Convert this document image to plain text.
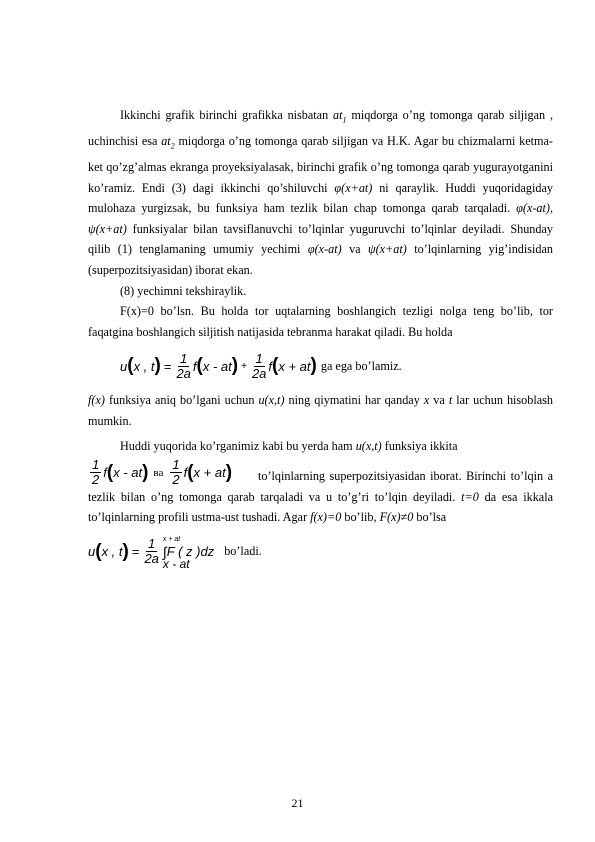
Ikkinchi grafik birinchi grafikka nisbatan $at_1$ miqdorga o’ng tomonga qarab siljigan , uchinchisi esa $at_2$ miqdorga o’ng tomonga qarab siljigan va H.K. Agar bu chizmalarni ketma-ket qo’zg’almas ekranga proyeksiyalasak, birinchi grafik o’ng tomonga qarab yugurayotganini ko’ramiz. Endi (3) dagi ikkinchi qo’shiluvchi φ(x+at) ni qaraylik. Huddi yuqoridagiday mulohaza yurgizsak, bu funksiya ham tezlik bilan chap tomonga qarab tarqaladi. φ(x-at), ψ(x+at) funksiyalar bilan tavsiflanuvchi to’lqinlar yuguruvchi to’lqinlar deyiladi. Shunday qilib (1) tenglamaning umumiy yechimi φ(x-at) va ψ(x+at) to’lqinlarning yig’indisidan (superpozitsiyasidan) iborat ekan.

(8) yechimni tekshiraylik.

F(x)=0 bo’lsn. Bu holda tor uqtalarning boshlangich tezligi nolga teng bo’lib, tor faqatgina boshlangich siljitish natijasida tebranma harakat qiladi. Bu holda

u ( x , t ) = $\frac{1}{2a}$ f ( x - at ) + $\frac{1}{2a}$ f ( x + at ) ga ega bo’lamiz.

f(x) funksiya aniq bo’lgani uchun u(x,t) ning qiymatini har qanday x va t lar uchun hisoblash mumkin.

Huddi yuqorida ko’rganimiz kabi bu yerda ham u(x,t) funksiya ikkita

$\frac{1}{2}$ f ( x - at ) ва $\frac{1}{2}$ f ( x + at )	to’lqinlarning superpozitsiyasidan iborat. Birinchi to’lqin a tezlik bilan o’ng tomonga qarab tarqaladi va u to’g’ri to’lqin deyiladi. t=0 da esa ikkala to’lqinlarning profili ustma-ust tushadi. Agar f(x)=0 bo’lib, F(x)≠0 bo’lsa

u ( x , t ) = $\frac{1}{2a}$ x + at
∫ F ( z )dz
x - at
bo’ladi.
21
